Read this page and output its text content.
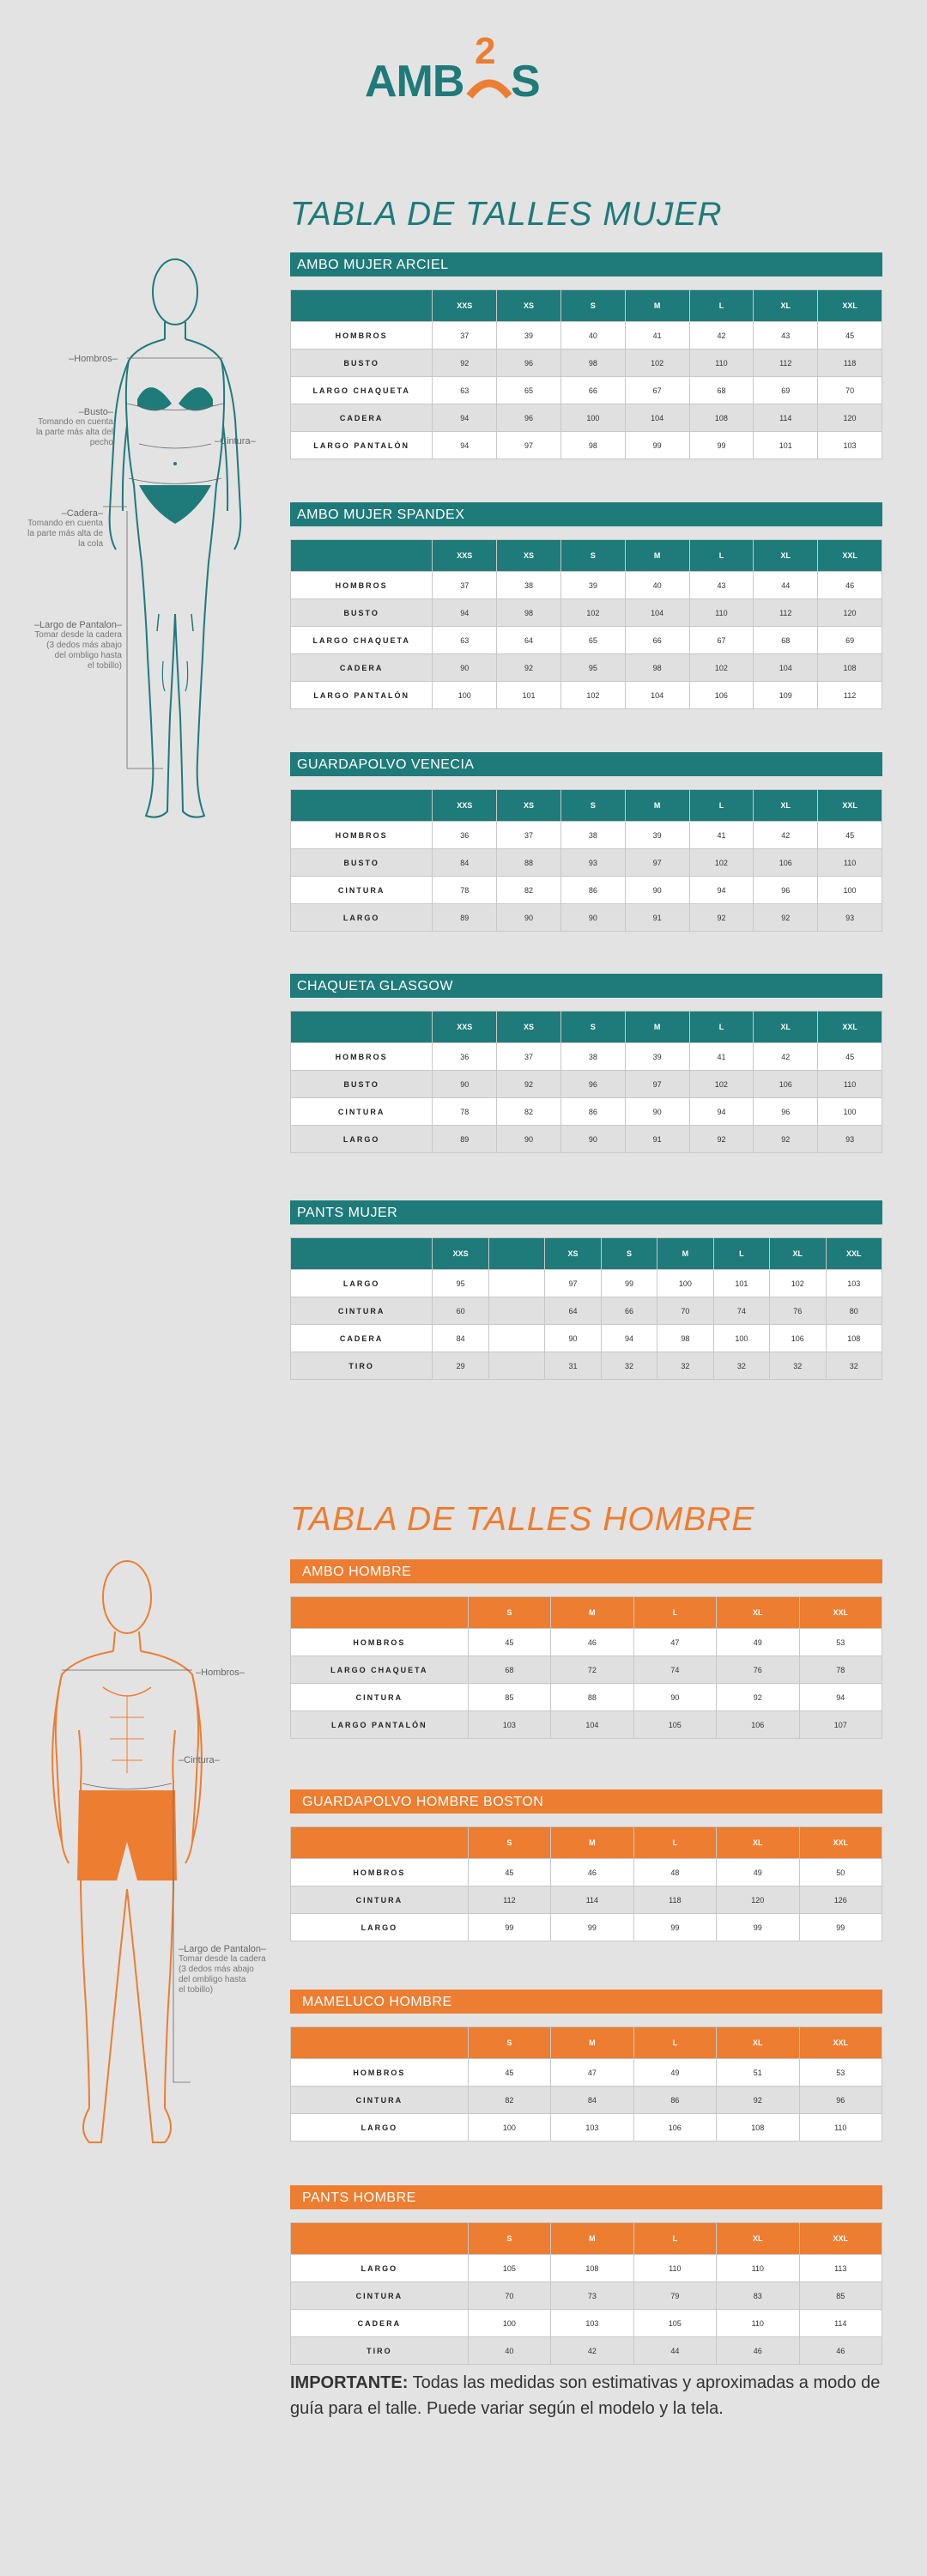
AMB
2
S
TABLA DE TALLES MUJER
–Hombros–
–Busto–
Tomando en cuenta
la parte más alta del
pecho	–Cintura–
–Cadera–
Tomando en cuenta
la parte más alta de
la cola
–Largo de Pantalon–
Tomar desde la cadera
(3 dedos más abajo
del ombligo hasta
el tobillo)
AMBO MUJER ARCIEL
	XXS	XS	S	M	L	XL	XXL
HOMBROS	37	39	40	41	42	43	45
BUSTO	92	96	98	102	110	112	118
LARGO CHAQUETA	63	65	66	67	68	69	70
CADERA	94	96	100	104	108	114	120
LARGO PANTALÓN	94	97	98	99	99	101	103
AMBO MUJER SPANDEX
	XXS	XS	S	M	L	XL	XXL
HOMBROS	37	38	39	40	43	44	46
BUSTO	94	98	102	104	110	112	120
LARGO CHAQUETA	63	64	65	66	67	68	69
CADERA	90	92	95	98	102	104	108
LARGO PANTALÓN	100	101	102	104	106	109	112
GUARDAPOLVO VENECIA
	XXS	XS	S	M	L	XL	XXL
HOMBROS	36	37	38	39	41	42	45
BUSTO	84	88	93	97	102	106	110
CINTURA	78	82	86	90	94	96	100
LARGO	89	90	90	91	92	92	93
CHAQUETA GLASGOW
	XXS	XS	S	M	L	XL	XXL
HOMBROS	36	37	38	39	41	42	45
BUSTO	90	92	96	97	102	106	110
CINTURA	78	82	86	90	94	96	100
LARGO	89	90	90	91	92	92	93
PANTS MUJER
	XXS		XS	S	M	L	XL	XXL
LARGO	95		97	99	100	101	102	103
CINTURA	60		64	66	70	74	76	80
CADERA	84		90	94	98	100	106	108
TIRO	29		31	32	32	32	32	32
TABLA DE TALLES HOMBRE
–Hombros–
–Cintura–
–Largo de Pantalon–
Tomar desde la cadera
(3 dedos más abajo
del ombligo hasta
el tobillo)
AMBO HOMBRE
	S	M	L	XL	XXL
HOMBROS	45	46	47	49	53
LARGO CHAQUETA	68	72	74	76	78
CINTURA	85	88	90	92	94
LARGO PANTALÓN	103	104	105	106	107
GUARDAPOLVO HOMBRE BOSTON
	S	M	L	XL	XXL
HOMBROS	45	46	48	49	50
CINTURA	112	114	118	120	126
LARGO	99	99	99	99	99
MAMELUCO HOMBRE
	S	M	L	XL	XXL
HOMBROS	45	47	49	51	53
CINTURA	82	84	86	92	96
LARGO	100	103	106	108	110
PANTS HOMBRE
	S	M	L	XL	XXL
LARGO	105	108	110	110	113
CINTURA	70	73	79	83	85
CADERA	100	103	105	110	114
TIRO	40	42	44	46	46
IMPORTANTE: Todas las medidas son estimativas y aproximadas a modo de guía para el talle. Puede variar según el modelo y la tela.
